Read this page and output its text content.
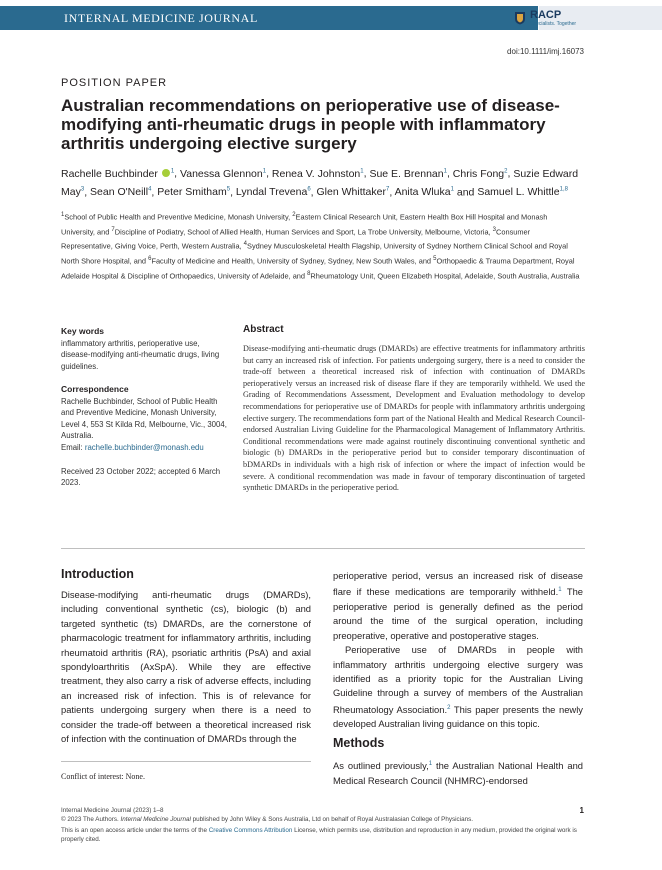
INTERNAL MEDICINE JOURNAL	RACP
Specialists. Together
doi:10.1111/imj.16073
POSITION PAPER
Australian recommendations on perioperative use of disease-modifying anti-rheumatic drugs in people with inflammatory arthritis undergoing elective surgery
Rachelle Buchbinder $^1$, Vanessa Glennon$^1$, Renea V. Johnston$^1$, Sue E. Brennan$^1$, Chris Fong$^2$, Suzie Edward May$^3$, Sean O'Neill$^4$, Peter Smitham$^5$, Lyndal Trevena$^6$, Glen Whittaker$^7$, Anita Wluka$^1$ and Samuel L. Whittle$^{1,8}$
$^1$School of Public Health and Preventive Medicine, Monash University, $^2$Eastern Clinical Research Unit, Eastern Health Box Hill Hospital and Monash University, and $^7$Discipline of Podiatry, School of Allied Health, Human Services and Sport, La Trobe University, Melbourne, Victoria, $^3$Consumer Representative, Giving Voice, Perth, Western Australia, $^4$Sydney Musculoskeletal Health Flagship, University of Sydney Northern Clinical School and Royal North Shore Hospital, and $^6$Faculty of Medicine and Health, University of Sydney, Sydney, New South Wales, and $^5$Orthopaedic & Trauma Department, Royal Adelaide Hospital & Discipline of Orthopaedics, University of Adelaide, and $^8$Rheumatology Unit, Queen Elizabeth Hospital, Adelaide, South Australia, Australia
Key words
inflammatory arthritis, perioperative use, disease-modifying anti-rheumatic drugs, living guidelines.
Correspondence
Rachelle Buchbinder, School of Public Health and Preventive Medicine, Monash University, Level 4, 553 St Kilda Rd, Melbourne, Vic., 3004, Australia.
Email: rachelle.buchbinder@monash.edu
Received 23 October 2022; accepted 6 March 2023.
Abstract
Disease-modifying anti-rheumatic drugs (DMARDs) are effective treatments for inflammatory arthritis but carry an increased risk of infection. For patients undergoing surgery, there is a need to consider the trade-off between a theoretical increased risk of infection with continuation of DMARDs perioperatively versus an increased risk of disease flare if they are temporarily withheld. We used the Grading of Recommendations Assessment, Development and Evaluation methodology to develop recommendations for perioperative use of DMARDs for people with inflammatory arthritis undergoing elective surgery. The recommendations form part of the National Health and Medical Research Council-endorsed Australian Living Guideline for the Pharmacological Management of Inflammatory Arthritis. Conditional recommendations were made against routinely discontinuing conventional synthetic and biologic (b) DMARDs in the perioperative period but to consider temporary discontinuation of bDMARDs in individuals with a high risk of infection or where the impact of infection would be severe. A conditional recommendation was made in favour of temporary discontinuation of targeted synthetic DMARDs in the perioperative period.
Introduction

Disease-modifying anti-rheumatic drugs (DMARDs), including conventional synthetic (cs), biologic (b) and targeted synthetic (ts) DMARDs, are the cornerstone of pharmacologic treatment for inflammatory arthritis, including rheumatoid arthritis (RA), psoriatic arthritis (PsA) and axial spondyloarthritis (AxSpA). While they are effective treatment, they also carry a risk of adverse effects, including an increased risk of infection. This is of relevance for patients undergoing surgery when there is a need to consider the trade-off between a theoretical increased risk of infection with the continuation of DMARDs through the

perioperative period, versus an increased risk of disease flare if these medications are temporarily withheld.$^1$ The perioperative period is generally defined as the period around the time of the surgical operation, including preoperative, operative and postoperative stages.

Perioperative use of DMARDs in people with inflammatory arthritis undergoing elective surgery was identified as a priority topic for the Australian Living Guideline through a survey of members of the Australian Rheumatology Association.$^2$ This paper presents the newly developed Australian living guidance on this topic.

Methods

As outlined previously,$^1$ the Australian National Health and Medical Research Council (NHMRC)-endorsed

Conflict of interest: None.
Internal Medicine Journal (2023) 1–8	1
© 2023 The Authors. Internal Medicine Journal published by John Wiley & Sons Australia, Ltd on behalf of Royal Australasian College of Physicians.
This is an open access article under the terms of the Creative Commons Attribution License, which permits use, distribution and reproduction in any medium, provided the original work is properly cited.
